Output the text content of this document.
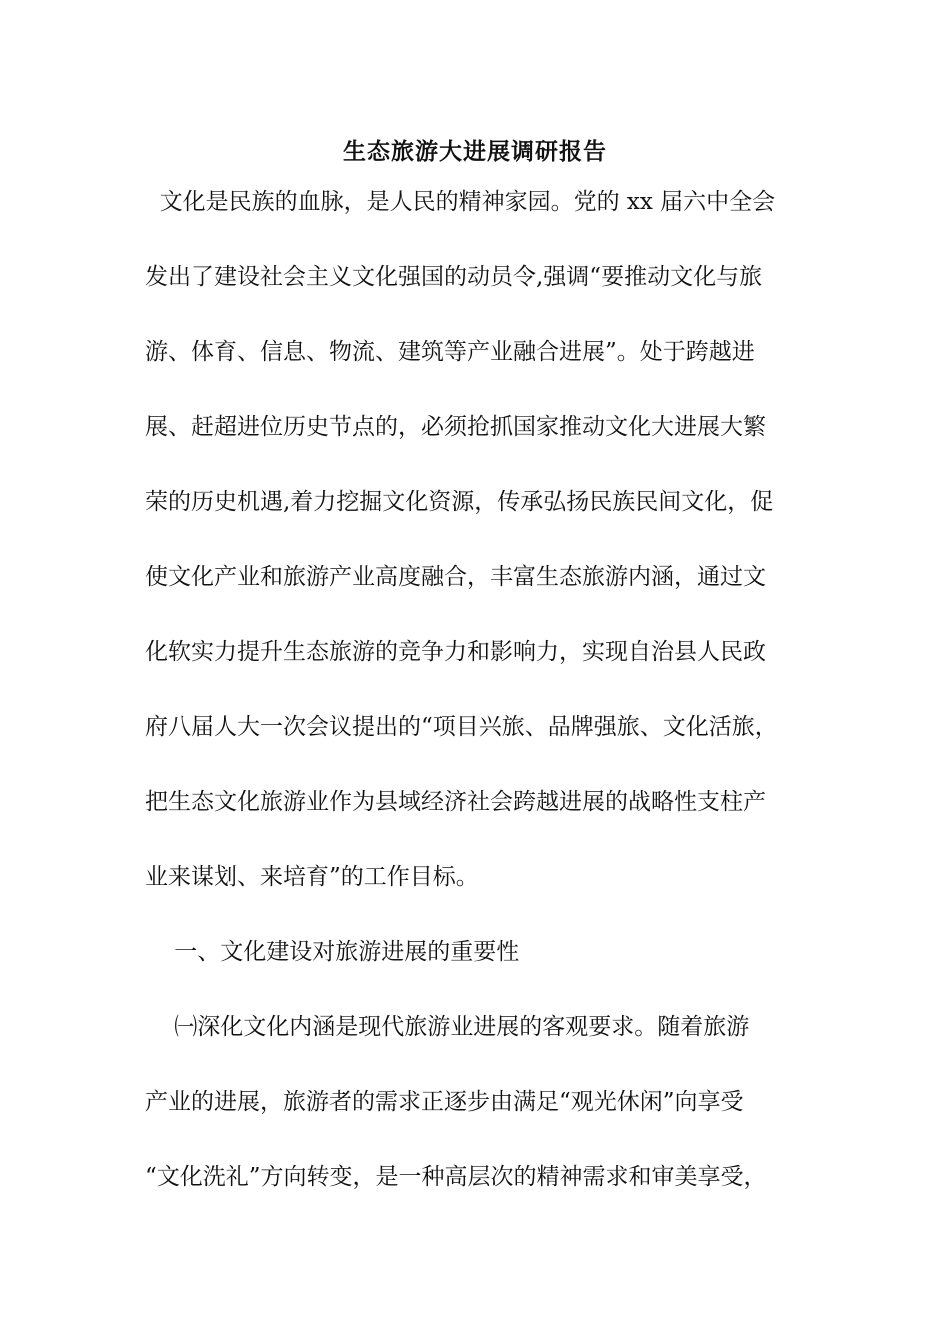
生态旅游大进展调研报告
文化是民族的血脉，是人民的精神家园。党的 xx 届六中全会
发出了建设社会主义文化强国的动员令,强调“要推动文化与旅
游、体育、信息、物流、建筑等产业融合进展”。处于跨越进
展、赶超进位历史节点的，必须抢抓国家推动文化大进展大繁
荣的历史机遇,着力挖掘文化资源，传承弘扬民族民间文化，促
使文化产业和旅游产业高度融合，丰富生态旅游内涵，通过文
化软实力提升生态旅游的竞争力和影响力，实现自治县人民政
府八届人大一次会议提出的“项目兴旅、品牌强旅、文化活旅，
把生态文化旅游业作为县域经济社会跨越进展的战略性支柱产
业来谋划、来培育”的工作目标。
一、文化建设对旅游进展的重要性
㈠深化文化内涵是现代旅游业进展的客观要求。随着旅游
产业的进展，旅游者的需求正逐步由满足“观光休闲”向享受
“文化洗礼”方向转变，是一种高层次的精神需求和审美享受，
